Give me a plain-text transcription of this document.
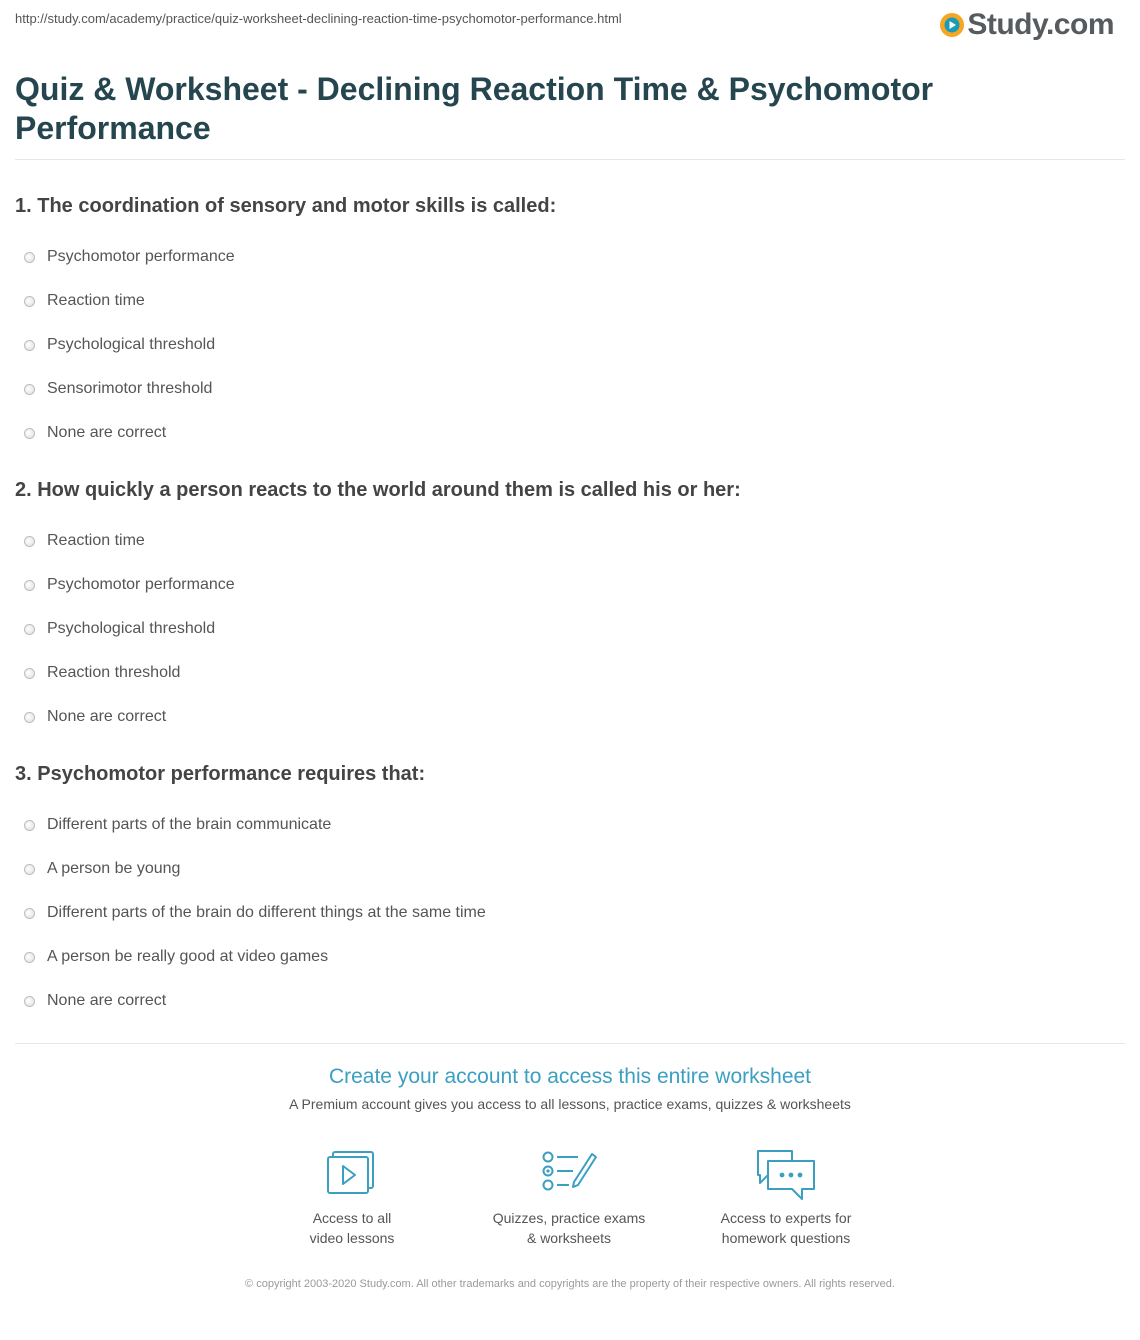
http://study.com/academy/practice/quiz-worksheet-declining-reaction-time-psychomotor-performance.html	Study.com
Quiz & Worksheet - Declining Reaction Time & Psychomotor Performance

1. The coordination of sensory and motor skills is called:

Psychomotor performance
Reaction time
Psychological threshold
Sensorimotor threshold
None are correct

2. How quickly a person reacts to the world around them is called his or her:

Reaction time
Psychomotor performance
Psychological threshold
Reaction threshold
None are correct

3. Psychomotor performance requires that:

Different parts of the brain communicate
A person be young
Different parts of the brain do different things at the same time
A person be really good at video games
None are correct

Create your account to access this entire worksheet

A Premium account gives you access to all lessons, practice exams, quizzes & worksheets

Access to all
video lessons
Quizzes, practice exams
& worksheets
Access to experts for
homework questions
© copyright 2003-2020 Study.com. All other trademarks and copyrights are the property of their respective owners. All rights reserved.
